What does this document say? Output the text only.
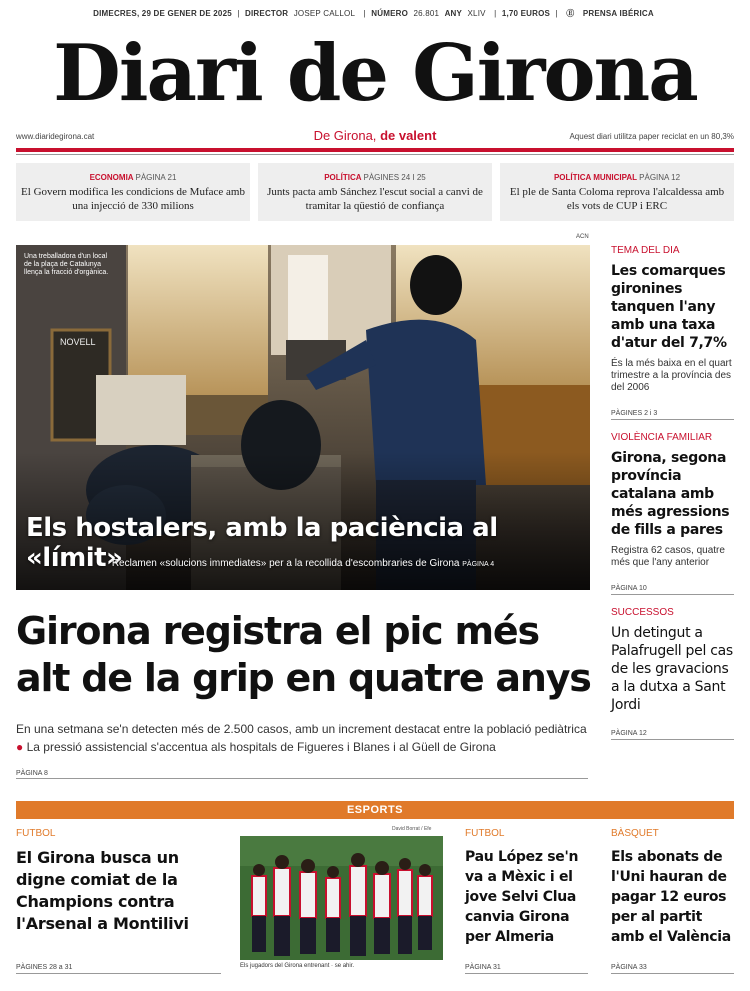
DIMECRES, 29 DE GENER DE 2025 | DIRECTOR JOSEP CALLOL | NÚMERO 26.801 ANY XLIV | 1,70 EUROS | Ⓔ PRENSA IBÉRICA
Diari de Girona
www.diaridegirona.cat	De Girona, de valent	Aquest diari utilitza paper reciclat en un 80,3%
ECONOMIA PÀGINA 21
El Govern modifica les condicions de Muface amb una injecció de 330 milions
POLÍTICA PÀGINES 24 I 25
Junts pacta amb Sánchez l'escut social a canvi de tramitar la qüestió de confiança
POLÍTICA MUNICIPAL PÀGINA 12
El ple de Santa Coloma reprova l'alcaldessa amb els vots de CUP i ERC
Una treballadora d'un local de la plaça de Catalunya llença la fracció d'orgànica.
Els hostalers, amb la paciència al «límit»
Reclamen «solucions immediates» per a la recollida d'escombraries de Girona PÀGINA 4
ACN
Girona registra el pic més alt de la grip en quatre anys
En una setmana se'n detecten més de 2.500 casos, amb un increment destacat entre la població pediàtrica ● La pressió assistencial s'accentua als hospitals de Figueres i Blanes i al Güell de Girona
PÀGINA 8
TEMA DEL DIA
Les comarques gironines tanquen l'any amb una taxa d'atur del 7,7%
És la més baixa en el quart trimestre a la província des del 2006
PÀGINES 2 i 3
VIOLÈNCIA FAMILIAR
Girona, segona província catalana amb més agressions de fills a pares
Registra 62 casos, quatre més que l'any anterior
PÀGINA 10
SUCCESSOS
Un detingut a Palafrugell pel cas de les gravacions a la dutxa a Sant Jordi
PÀGINA 12
ESPORTS
FUTBOL
El Girona busca un digne comiat de la Champions contra l'Arsenal a Montilivi
PÀGINES 28 a 31
David Borrat / Efe
Els jugadors del Girona entrenant · se ahir.
FUTBOL
Pau López se'n va a Mèxic i el jove Selvi Clua canvia Girona per Almeria
PÀGINA 31
BÀSQUET
Els abonats de l'Uni hauran de pagar 12 euros per al partit amb el València
PÀGINA 33
